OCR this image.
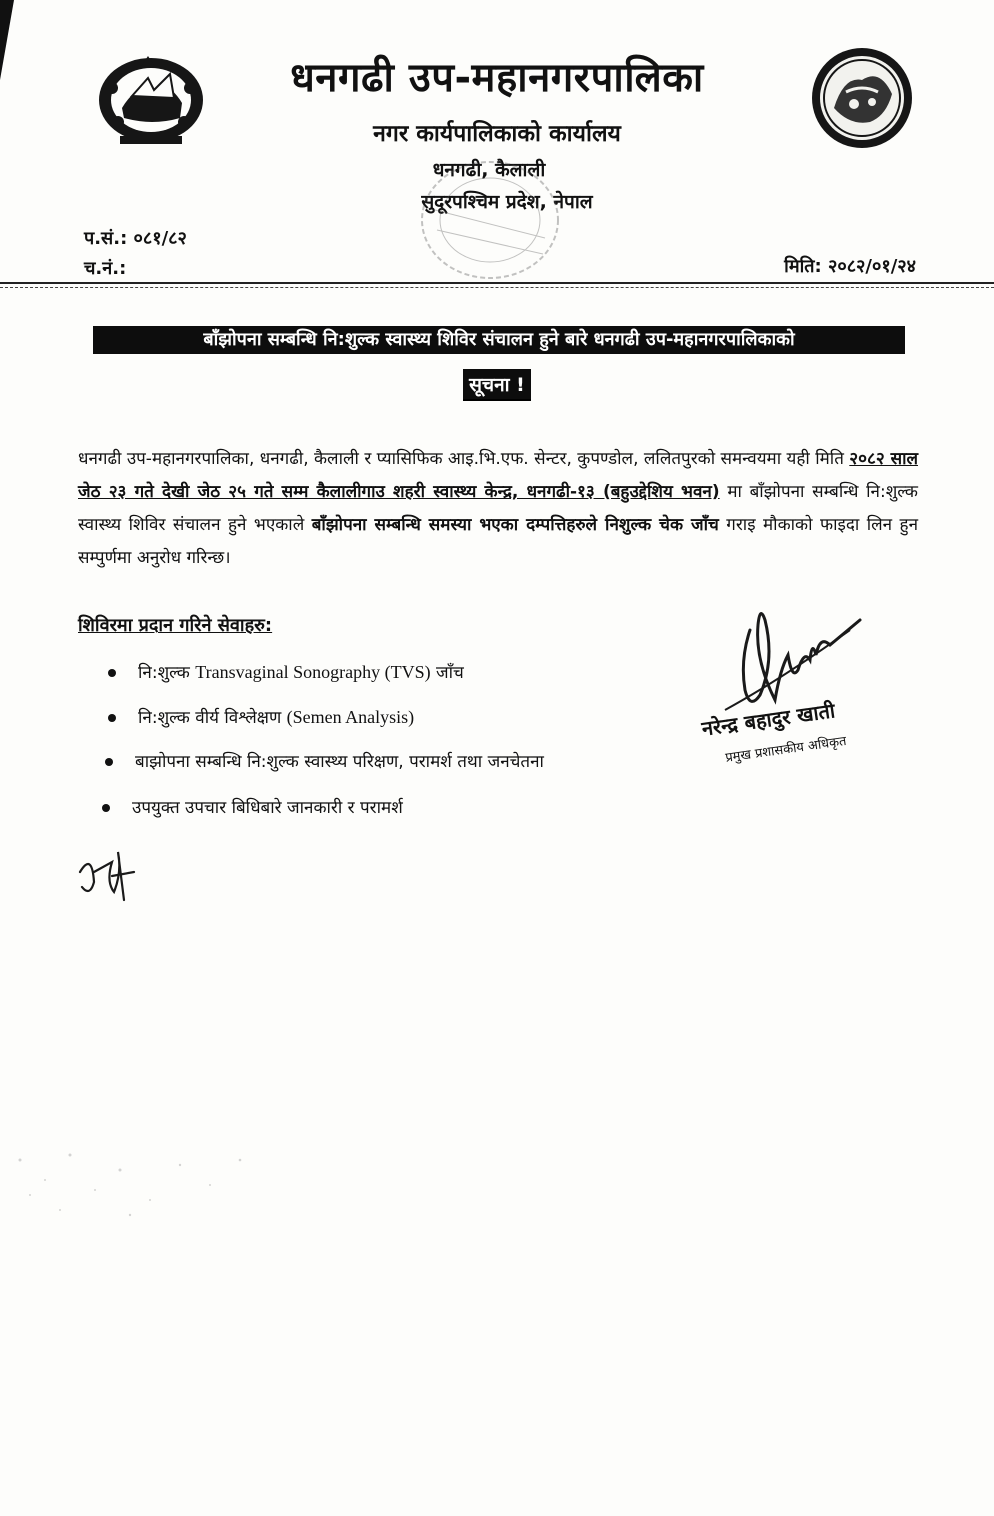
धनगढी उप-महानगरपालिका
नगर कार्यपालिकाको कार्यालय
धनगढी, कैलाली
सुदूरपश्चिम प्रदेश, नेपाल
प.सं.: ०८१/८२
च.नं.:	मिति: २०८२/०१/२४
बाँझोपना सम्बन्धि नि:शुल्क स्वास्थ्य शिविर संचालन हुने बारे धनगढी उप-महानगरपालिकाको
सूचना !
धनगढी उप-महानगरपालिका, धनगढी, कैलाली र प्यासिफिक आइ.भि.एफ. सेन्टर, कुपण्डोल, ललितपुरको समन्वयमा यही मिति २०८२ साल जेठ २३ गते देखी जेठ २५ गते सम्म कैलालीगाउ शहरी स्वास्थ्य केन्द्र, धनगढी-१३ (बहुउद्देशिय भवन) मा बाँझोपना सम्बन्धि नि:शुल्क स्वास्थ्य शिविर संचालन हुने भएकाले बाँझोपना सम्बन्धि समस्या भएका दम्पत्तिहरुले निशुल्क चेक जाँच गराइ मौकाको फाइदा लिन हुन सम्पुर्णमा अनुरोध गरिन्छ।
शिविरमा प्रदान गरिने सेवाहरु:
नि:शुल्क Transvaginal Sonography (TVS) जाँच
नि:शुल्क वीर्य विश्लेक्षण (Semen Analysis)
बाझोपना सम्बन्धि नि:शुल्क स्वास्थ्य परिक्षण, परामर्श तथा जनचेतना
उपयुक्त उपचार बिधिबारे जानकारी र परामर्श
नरेन्द्र बहादुर खाती
प्रमुख प्रशासकीय अधिकृत
